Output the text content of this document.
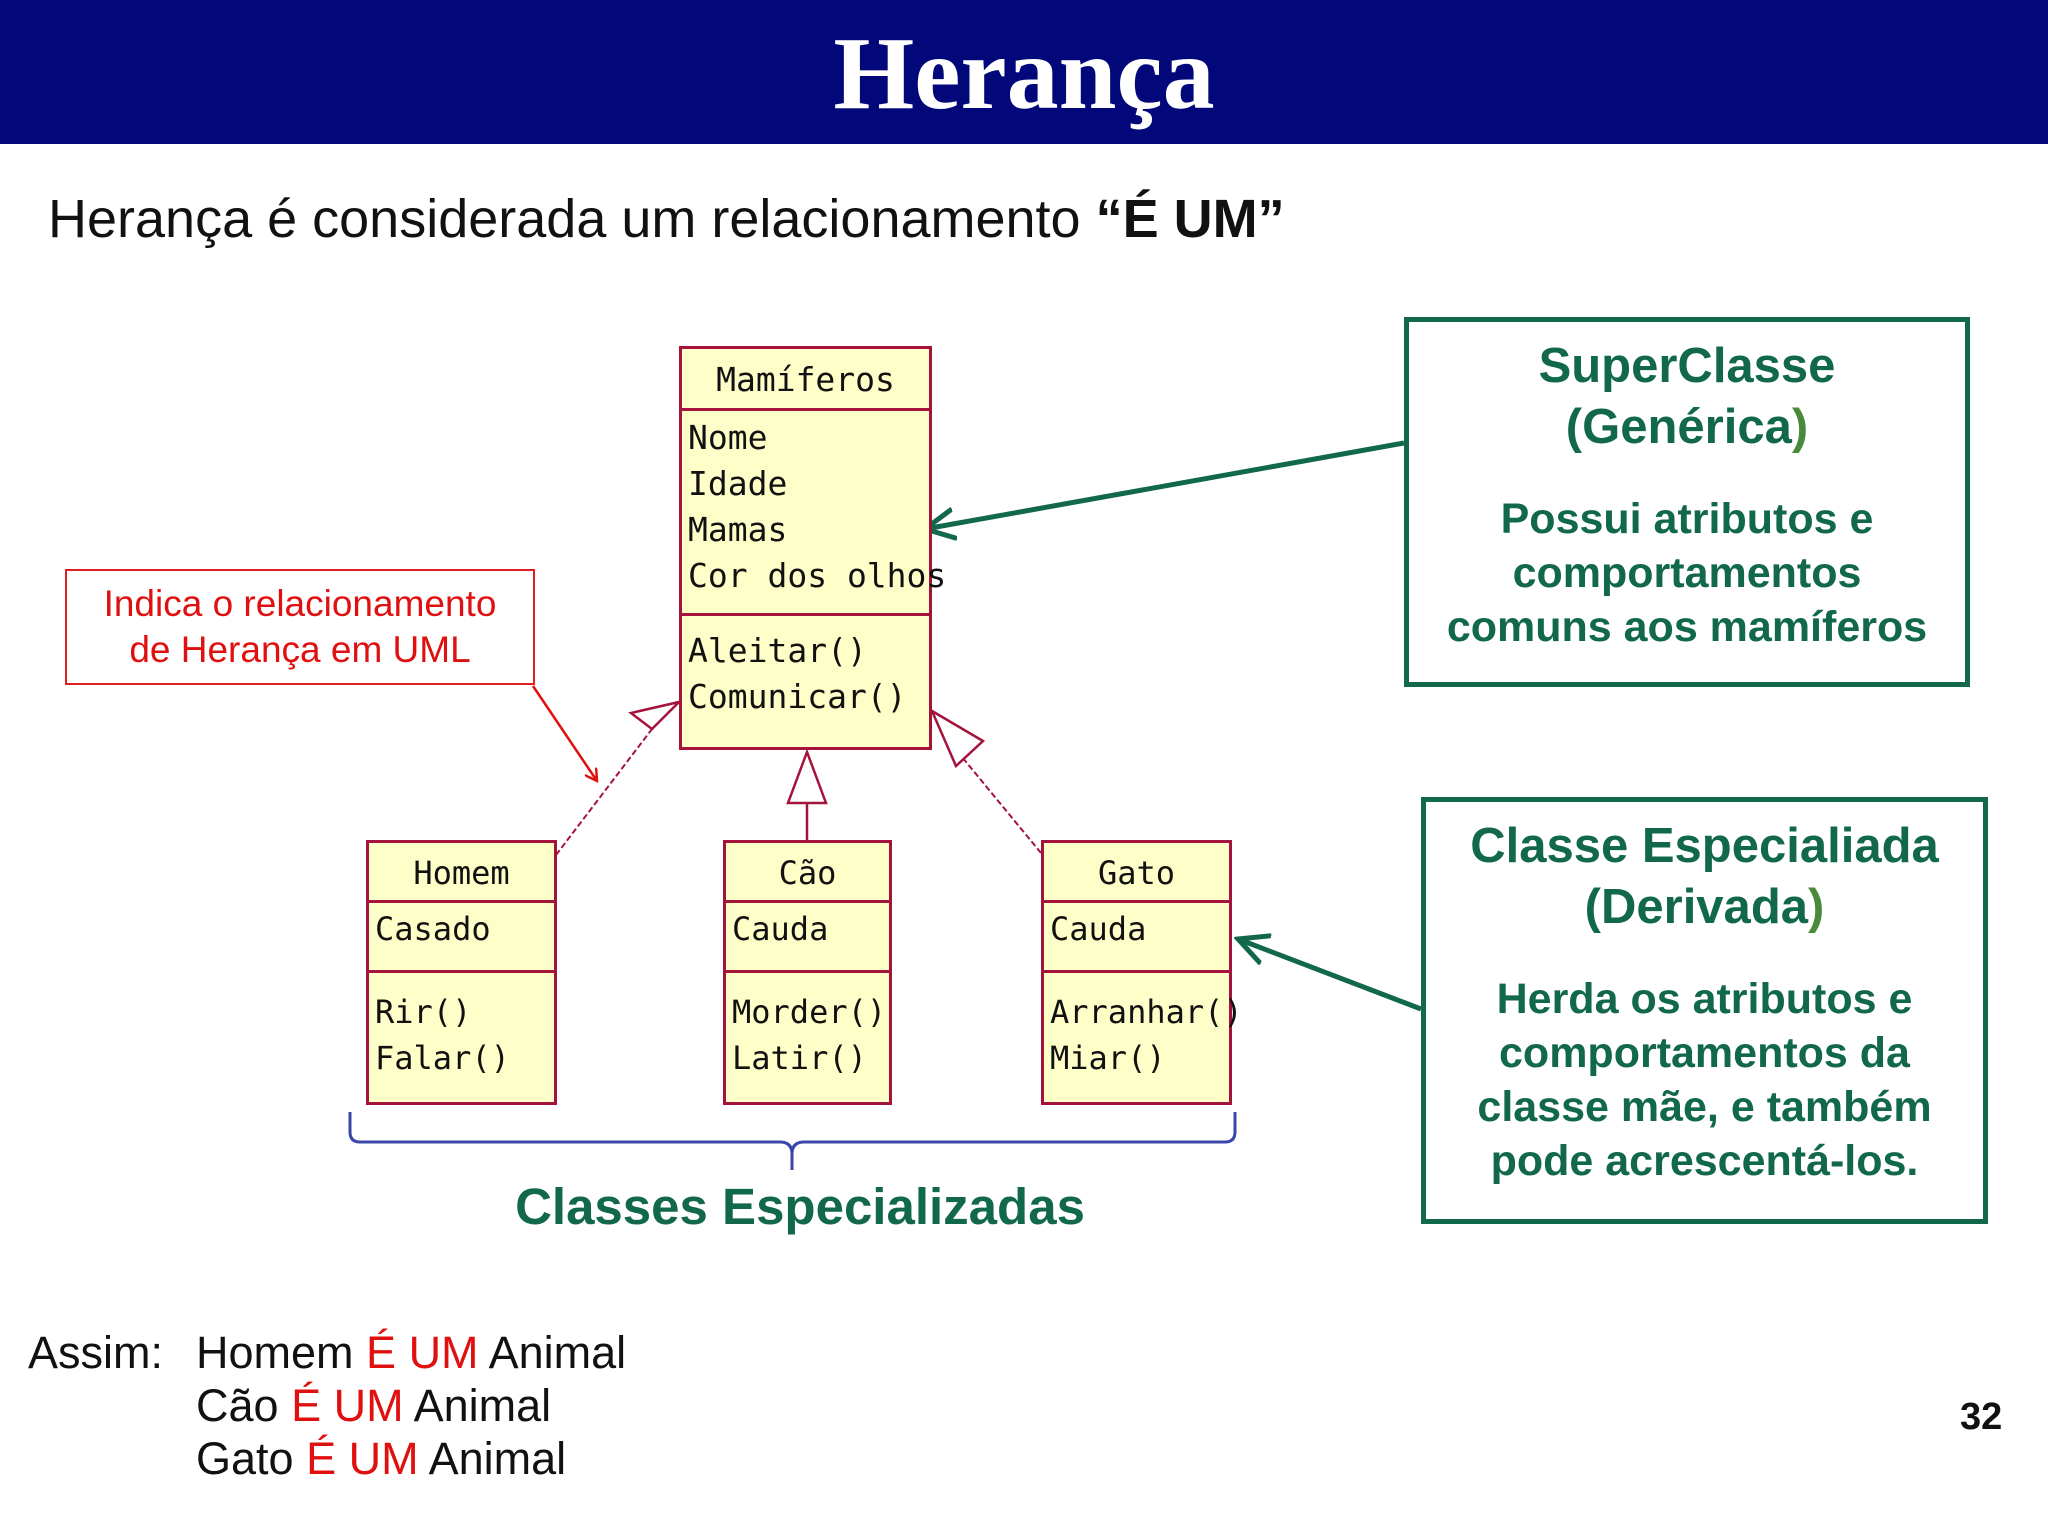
Herança
Herança é considerada um relacionamento “É UM”
Mamíferos
Nome
Idade
Mamas
Cor dos olhos
Aleitar()
Comunicar()
Homem
Casado
Rir()
Falar()
Cão
Cauda
Morder()
Latir()
Gato
Cauda
Arranhar()
Miar()
Indica o relacionamento
de Herança em UML
SuperClasse
(Genérica)
Possui atributos e
comportamentos
comuns aos mamíferos
Classe Especialiada
(Derivada)
Herda os atributos e
comportamentos da
classe mãe, e também
pode acrescentá-los.
Classes Especializadas
Assim: Homem É UM Animal
Cão É UM Animal
Gato É UM Animal
32
